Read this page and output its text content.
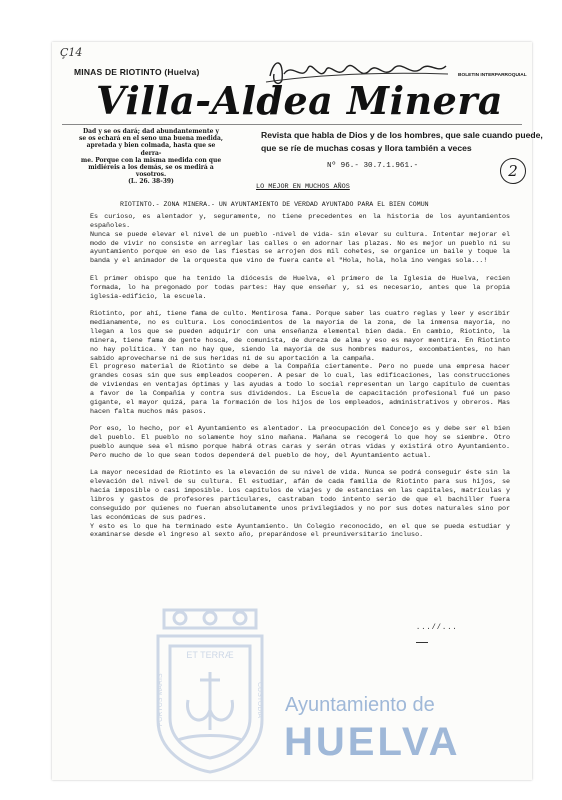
Ç14
MINAS DE RIOTINTO (Huelva)	BOLETIN INTERPARROQUIAL
Villa-Aldea Minera
Dad y se os dará; dad abundantemente y
se os echará en el seno una buena medida,
apretada y bien colmada, hasta que se derra-
me. Porque con la misma medida con que
midiéreis a los demás, se os medirá a vosotros.
(L. 26. 38-39)
Revista que habla de Dios y de los hombres, que sale cuando puede, que se ríe de muchas cosas y llora también a veces
Nº 96.- 30.7.1.961.-	2
LO MEJOR EN MUCHOS AÑOS
RIOTINTO.- ZONA MINERA.- UN AYUNTAMIENTO DE VERDAD AYUNTADO PARA EL BIEN COMUN

Es curioso, es alentador y, seguramente, no tiene precedentes en la historia de los ayuntamientos españoles.
Nunca se puede elevar el nivel de un pueblo -nivel de vida- sin elevar su cultura. Intentar mejorar el modo de vivir no consiste en arreglar las calles o en adornar las plazas. No es mejor un pueblo ni su ayuntamiento porque en eso de las fiestas se arrojen dos mil cohetes, se organice un baile y toque la banda y el animador de la orquesta que vino de fuera cante el "Hola, hola, hola ino vengas sola...!

El primer obispo que ha tenido la diócesis de Huelva, el primero de la Iglesia de Huelva, recien formada, lo ha pregonado por todas partes: Hay que enseñar y, si es necesario, antes que la propia iglesia-edificio, la escuela.

Riotinto, por ahí, tiene fama de culto. Mentirosa fama. Porque saber las cuatro reglas y leer y escribir medianamente, no es cultura. Los conocimientos de la mayoría de la zona, de la inmensa mayoría, no llegan a los que se pueden adquirir con una enseñanza elemental bien dada. En cambio, Riotinto, la minera, tiene fama de gente hosca, de comunista, de dureza de alma y eso es mayor mentira. En Riotinto no hay política. Y tan no hay que, siendo la mayoría de sus hombres maduros, excombatientes, no han sabido aprovecharse ni de sus heridas ni de su aportación a la campaña.
El progreso material de Riotinto se debe a la Compañía ciertamente. Pero no puede una empresa hacer grandes cosas sin que sus empleados cooperen. A pesar de lo cual, las edificaciones, las construcciones de viviendas en ventajas óptimas y las ayudas a todo lo social representan un largo capítulo de cuentas a favor de la Compañía y contra sus dividendos. La Escuela de capacitación profesional fué un paso gigante, el mayor quizá, para la formación de los hijos de los empleados, administrativos y obreros. Mas hacen falta muchos más pasos.

Por eso, lo hecho, por el Ayuntamiento es alentador. La preocupación del Concejo es y debe ser el bien del pueblo. El pueblo no solamente hoy sino mañana. Mañana se recogerá lo que hoy se siembre. Otro pueblo aunque sea el mismo porque habrá otras caras y serán otras vidas y existirá otro Ayuntamiento. Pero mucho de lo que sean todos dependerá del pueblo de hoy, del Ayuntamiento actual.

La mayor necesidad de Riotinto es la elevación de su nivel de vida. Nunca se podrá conseguir éste sin la elevación del nivel de su cultura. El estudiar, afán de cada familia de Riotinto para sus hijos, se hacía imposible o casi imposible. Los capítulos de viajes y de estancias en las capitales, matrículas y libros y gastos de profesores particulares, castraban todo intento serio de que el bachiller fuera conseguido por quienes no fueran absolutamente unos privilegiados y no por sus dotes naturales sino por las económicas de sus padres.
Y esto es lo que ha terminado este Ayuntamiento. Un Colegio reconocido, en el que se pueda estudiar y examinarse desde el ingreso al sexto año, preparándose el preuniversitario incluso.

...//...
ET TERRÆ
PORTUS MARIS	CUSTODIA Ayuntamiento de
HUELVA
